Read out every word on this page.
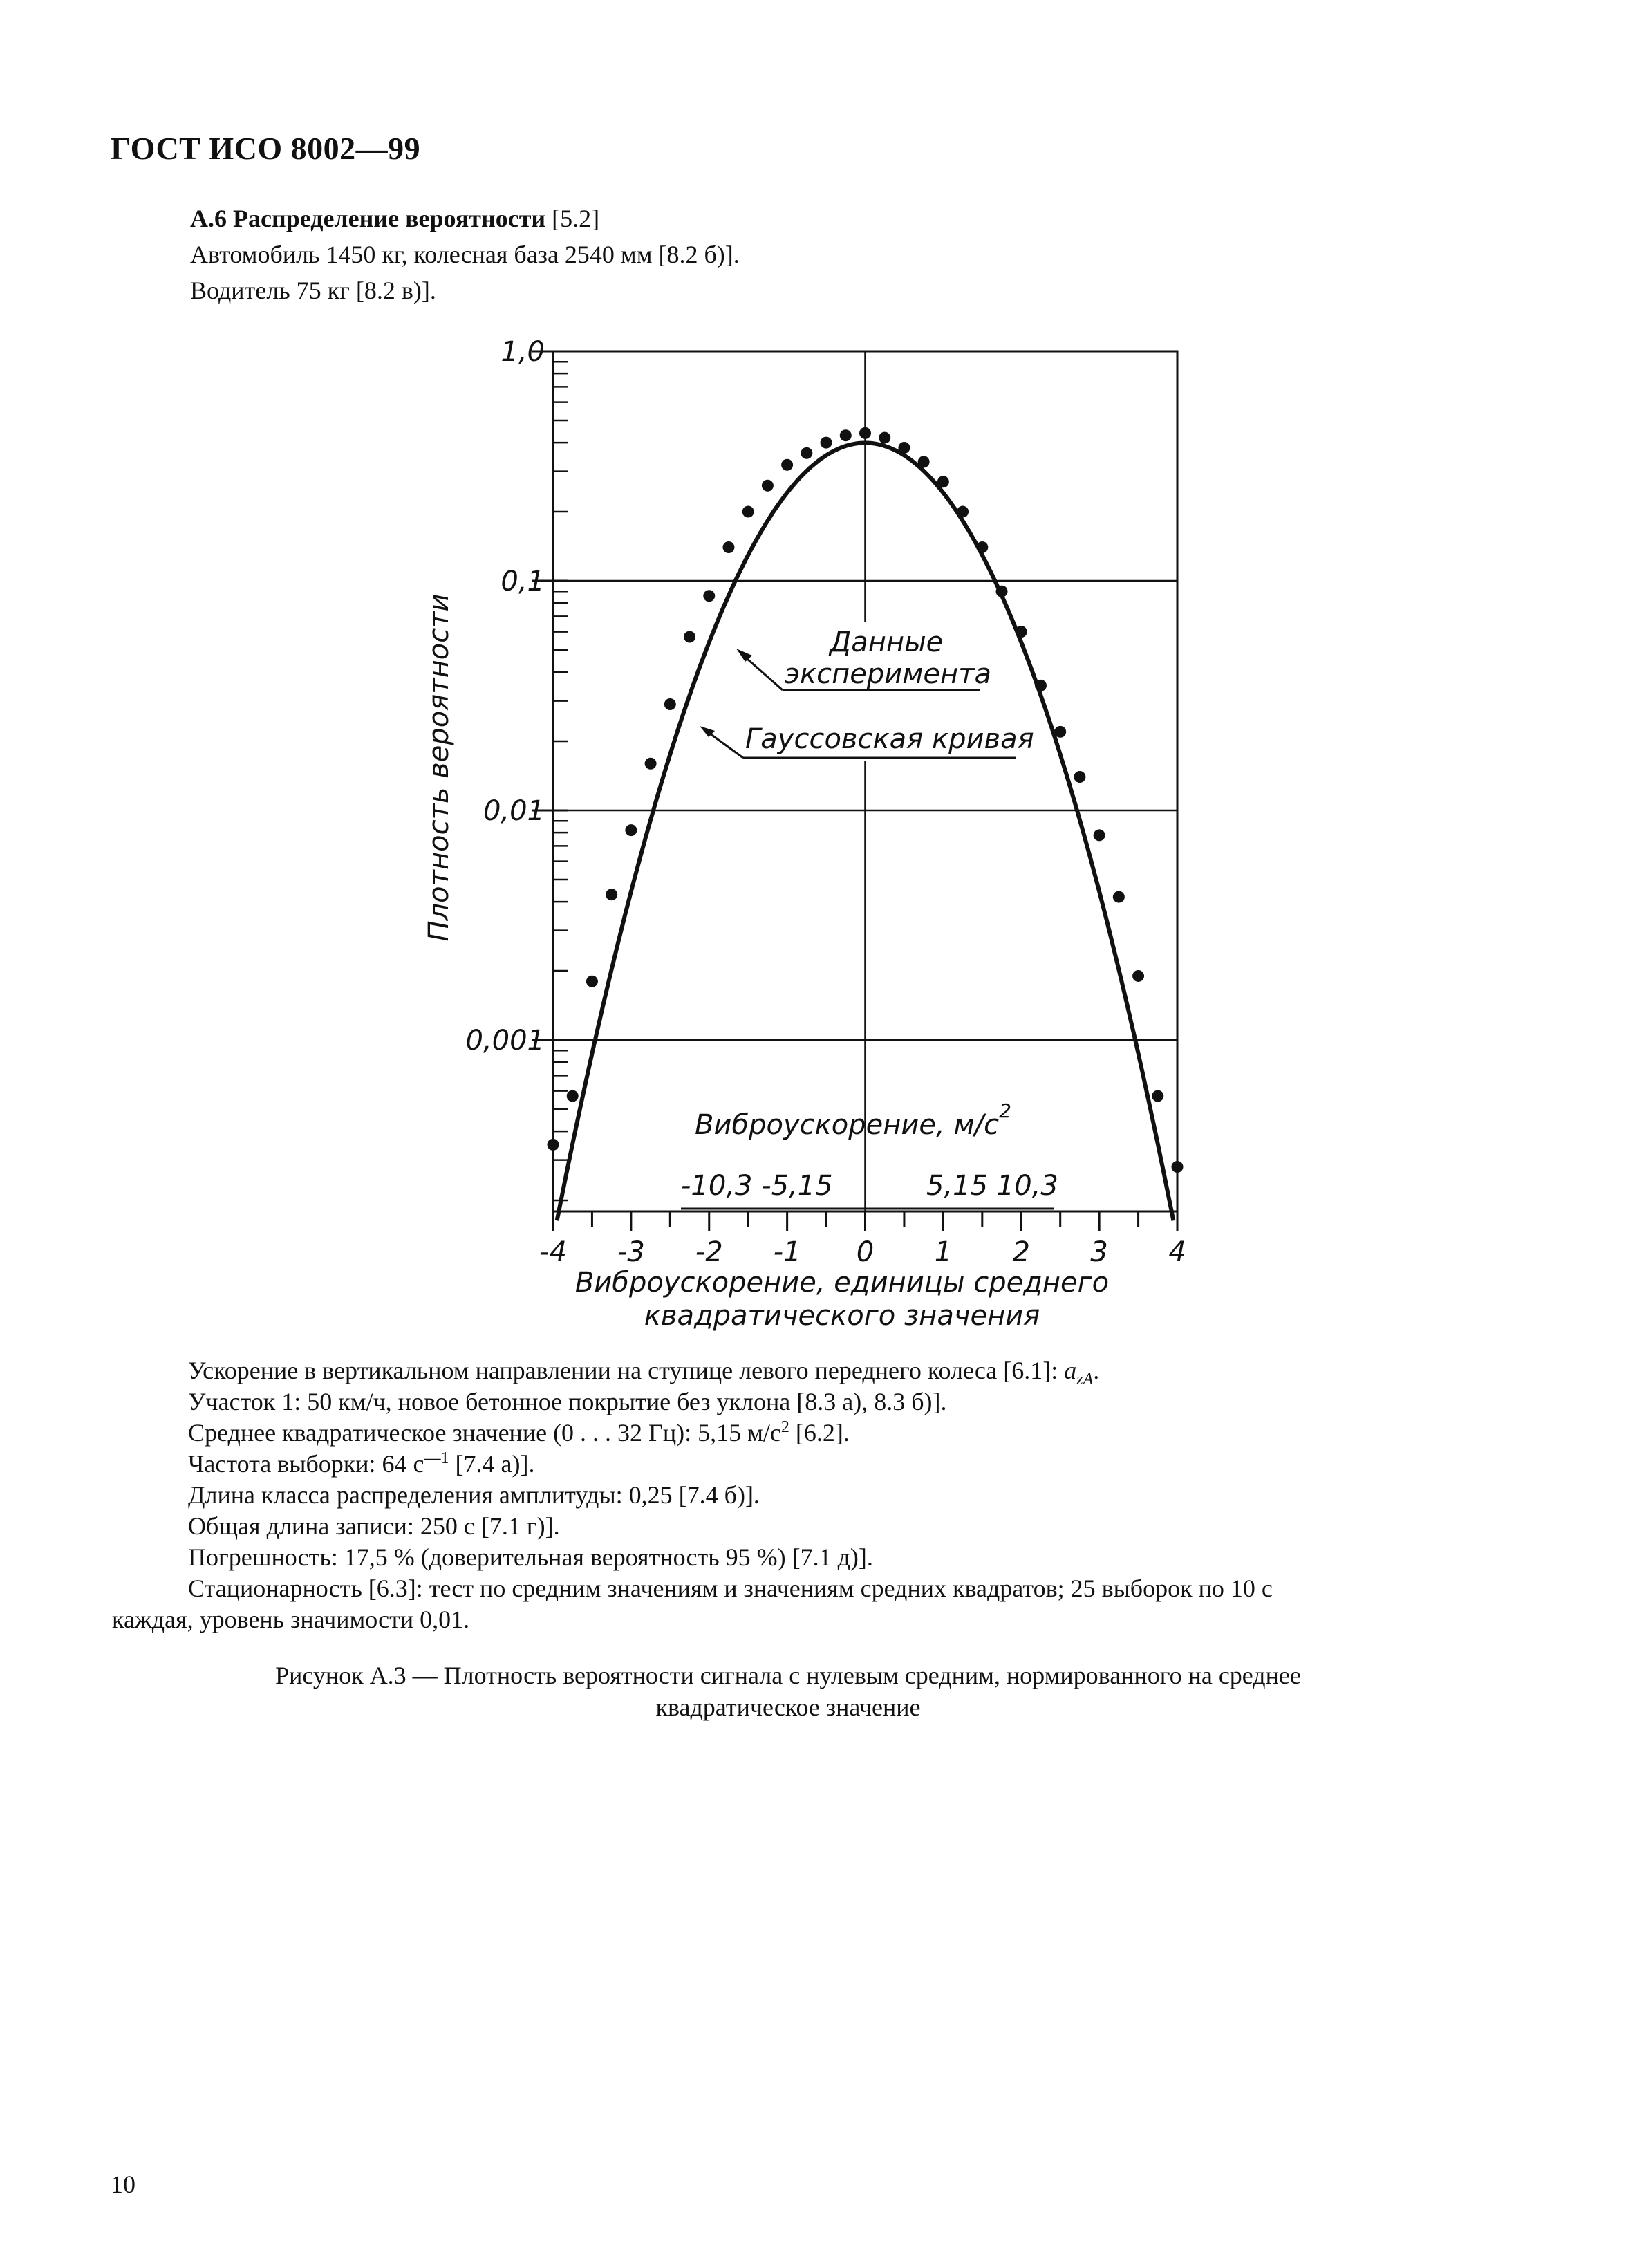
ГОСТ ИСО 8002—99
А.6 Распределение вероятности [5.2]
Автомобиль 1450 кг, колесная база 2540 мм [8.2 б)].
Водитель 75 кг [8.2 в)].
1,0
0,1
0,01
0,001
-4 -3 -2 -1 0 1 2 3 4
Данные
эксперимента
Гауссовская кривая
Виброускорение, $м/с^2$
-10,3 -5,15	5,15 10,3
Плотность вероятности
Виброускорение, единицы среднего
квадратического значения
Ускорение в вертикальном направлении на ступице левого переднего колеса [6.1]: $a_{zA}$.
Участок 1: 50 км/ч, новое бетонное покрытие без уклона [8.3 а), 8.3 б)].
Среднее квадратическое значение (0 . . . 32 Гц): 5,15 $м/с^2$ [6.2].
Частота выборки: 64 $с^{—1}$ [7.4 а)].
Длина класса распределения амплитуды: 0,25 [7.4 б)].
Общая длина записи: 250 с [7.1 г)].
Погрешность: 17,5 % (доверительная вероятность 95 %) [7.1 д)].
Стационарность [6.3]: тест по средним значениям и значениям средних квадратов; 25 выборок по 10 с
каждая, уровень значимости 0,01.
Рисунок А.3 — Плотность вероятности сигнала с нулевым средним, нормированного на среднее
квадратическое значение
10
